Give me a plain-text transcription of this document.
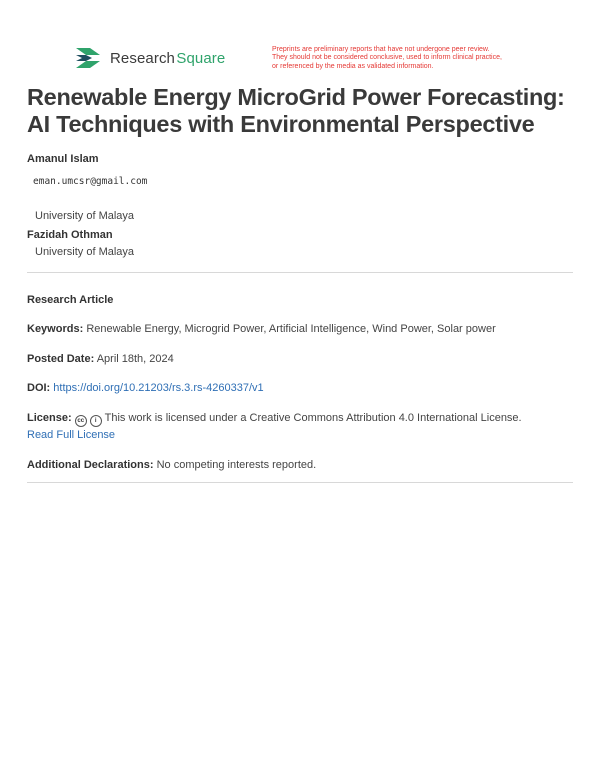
Research Square	Preprints are preliminary reports that have not undergone peer review.
They should not be considered conclusive, used to inform clinical practice,
or referenced by the media as validated information.
Renewable Energy MicroGrid Power Forecasting: AI Techniques with Environmental Perspective
Amanul Islam
eman.umcsr@gmail.com
University of Malaya
Fazidah Othman
University of Malaya
Research Article
Keywords: Renewable Energy, Microgrid Power, Artificial Intelligence, Wind Power, Solar power
Posted Date: April 18th, 2024
DOI: https://doi.org/10.21203/rs.3.rs-4260337/v1
License: cc i This work is licensed under a Creative Commons Attribution 4.0 International License.
Read Full License
Additional Declarations: No competing interests reported.
